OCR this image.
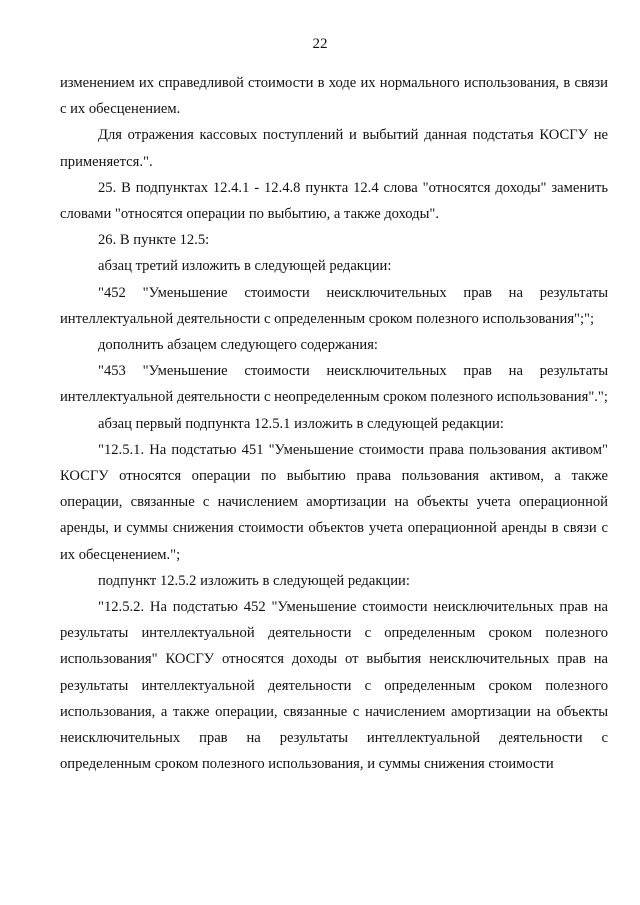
22

изменением их справедливой стоимости в ходе их нормального использования, в связи с их обесценением.

Для отражения кассовых поступлений и выбытий данная подстатья КОСГУ не применяется.".

25. В подпунктах 12.4.1 - 12.4.8 пункта 12.4 слова "относятся доходы" заменить словами "относятся операции по выбытию, а также доходы".

26. В пункте 12.5:

абзац третий изложить в следующей редакции:

"452 "Уменьшение стоимости неисключительных прав на результаты интеллектуальной деятельности с определенным сроком полезного использования";";

дополнить абзацем следующего содержания:

"453 "Уменьшение стоимости неисключительных прав на результаты интеллектуальной деятельности с неопределенным сроком полезного использования".";

абзац первый подпункта 12.5.1 изложить в следующей редакции:

"12.5.1. На подстатью 451 "Уменьшение стоимости права пользования активом" КОСГУ относятся операции по выбытию права пользования активом, а также операции, связанные с начислением амортизации на объекты учета операционной аренды, и суммы снижения стоимости объектов учета операционной аренды в связи с их обесценением.";

подпункт 12.5.2 изложить в следующей редакции:

"12.5.2. На подстатью 452 "Уменьшение стоимости неисключительных прав на результаты интеллектуальной деятельности с определенным сроком полезного использования" КОСГУ относятся доходы от выбытия неисключительных прав на результаты интеллектуальной деятельности с определенным сроком полезного использования, а также операции, связанные с начислением амортизации на объекты неисключительных прав на результаты интеллектуальной деятельности с определенным сроком полезного использования, и суммы снижения стоимости
